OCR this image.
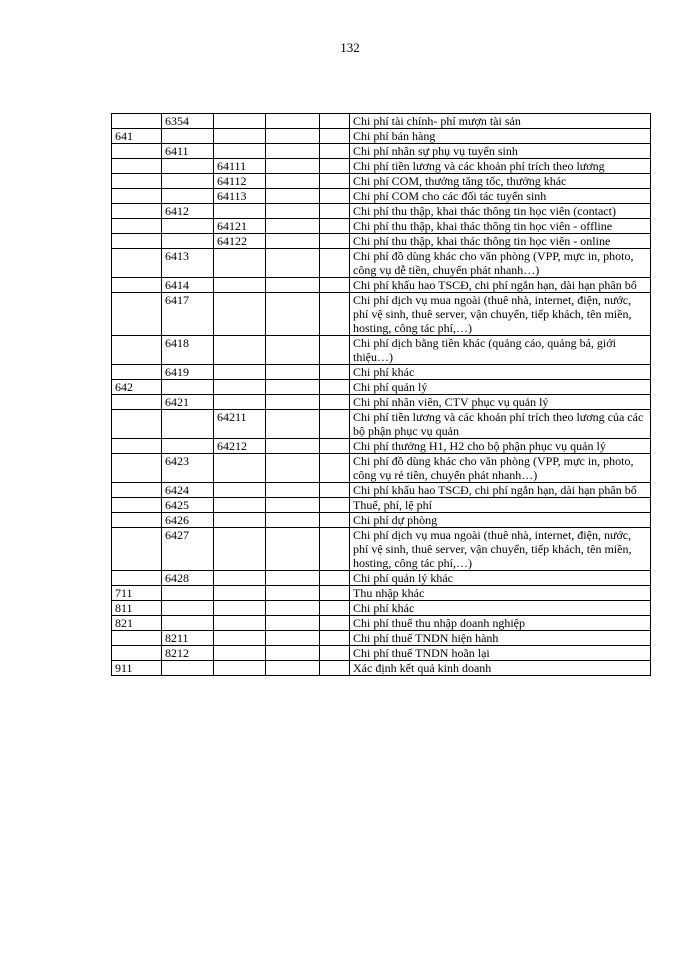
132
	6354				Chi phí tài chính- phí mượn tài sản
641					Chi phí bán hàng
	6411				Chi phí nhân sự phụ vụ tuyển sinh
		64111			Chi phí tiền lương và các khoản phí trích theo lương
		64112			Chi phí COM, thưởng tăng tốc, thưởng khác
		64113			Chi phí COM cho các đối tác tuyển sinh
	6412				Chi phí thu thập, khai thác thông tin học viên (contact)
		64121			Chi phí thu thập, khai thác thông tin học viên - offline
		64122			Chi phí thu thập, khai thác thông tin học viên - online
	6413				Chi phí đồ dùng khác cho văn phòng (VPP, mực in, photo, công vụ dễ tiền, chuyển phát nhanh…)
	6414				Chi phí khấu hao TSCĐ, chi phí ngắn hạn, dài hạn phân bổ
	6417				Chi phí dịch vụ mua ngoài (thuê nhà, internet, điện, nước, phí vệ sinh, thuê server, vận chuyển, tiếp khách, tên miền, hosting, công tác phí,…)
	6418				Chi phí dịch bằng tiền khác (quảng cáo, quảng bá, giới thiệu…)
	6419				Chi phí khác
642					Chi phí quản lý
	6421				Chi phí nhân viên, CTV phục vụ quản lý
		64211			Chi phí tiền lương và các khoản phí trích theo lương của các bộ phận phục vụ quản
		64212			Chi phí thưởng H1, H2 cho bộ phận phục vụ quản lý
	6423				Chi phí đồ dùng khác cho văn phòng (VPP, mực in, photo, công vụ rẻ tiền, chuyển phát nhanh…)
	6424				Chi phí khấu hao TSCĐ, chi phí ngắn hạn, dài hạn phân bổ
	6425				Thuế, phí, lệ phí
	6426				Chi phí dự phòng
	6427				Chi phí dịch vụ mua ngoài (thuê nhà, internet, điện, nước, phí vệ sinh, thuê server, vận chuyển, tiếp khách, tên miền, hosting, công tác phí,…)
	6428				Chi phí quản lý khác
711					Thu nhập khác
811					Chi phí khác
821					Chi phí thuế thu nhập doanh nghiệp
	8211				Chi phí thuế TNDN hiện hành
	8212				Chi phí thuế TNDN hoãn lại
911					Xác định kết quả kinh doanh
